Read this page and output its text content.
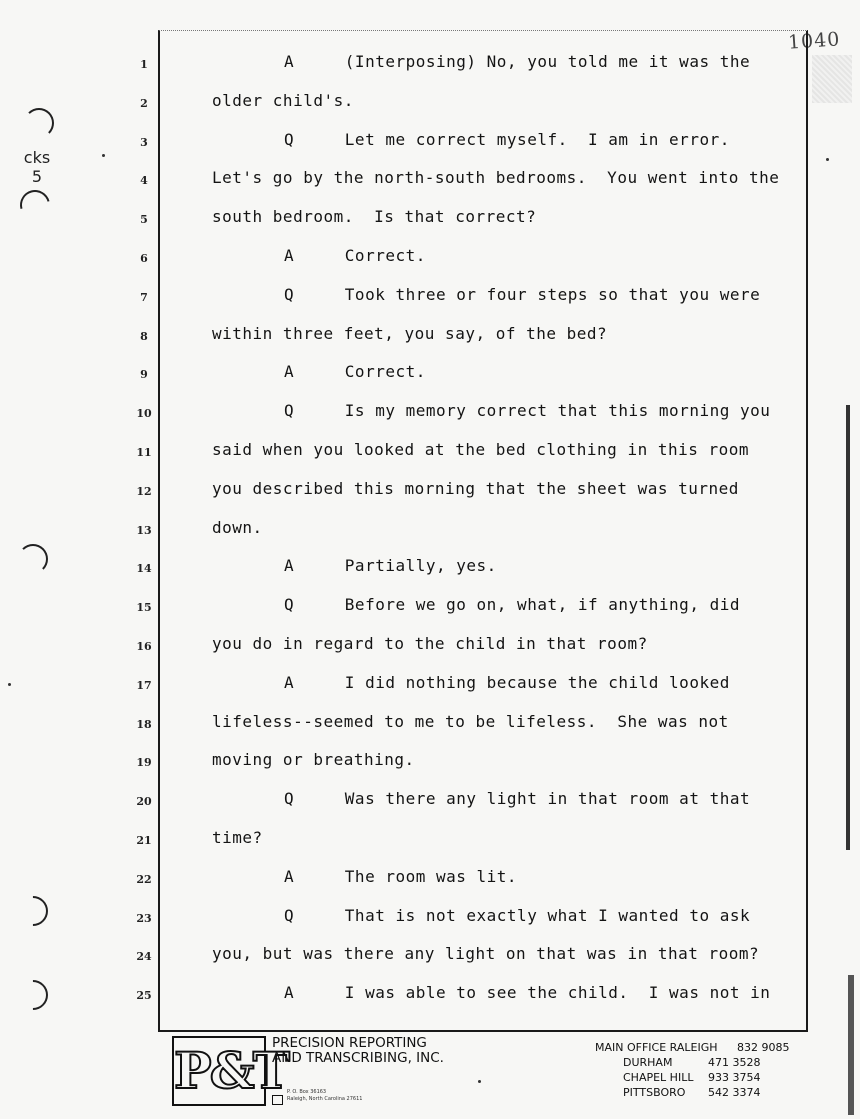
1040
cks
5
1	A     (Interposing) No, you told me it was the
2	older child's.
3	Q     Let me correct myself.  I am in error.
4	Let's go by the north-south bedrooms.  You went into the
5	south bedroom.  Is that correct?
6	A     Correct.
7	Q     Took three or four steps so that you were
8	within three feet, you say, of the bed?
9	A     Correct.
10	Q     Is my memory correct that this morning you
11	said when you looked at the bed clothing in this room
12	you described this morning that the sheet was turned
13	down.
14	A     Partially, yes.
15	Q     Before we go on, what, if anything, did
16	you do in regard to the child in that room?
17	A     I did nothing because the child looked
18	lifeless--seemed to me to be lifeless.  She was not
19	moving or breathing.
20	Q     Was there any light in that room at that
21	time?
22	A     The room was lit.
23	Q     That is not exactly what I wanted to ask
24	you, but was there any light on that was in that room?
25	A     I was able to see the child.  I was not in
P&T
PRECISION REPORTING
AND TRANSCRIBING, INC.
P. O. Box 36163
Raleigh, North Carolina 27611
MAIN OFFICE RALEIGH	832 9085
DURHAM	471 3528
CHAPEL HILL	933 3754
PITTSBORO	542 3374
